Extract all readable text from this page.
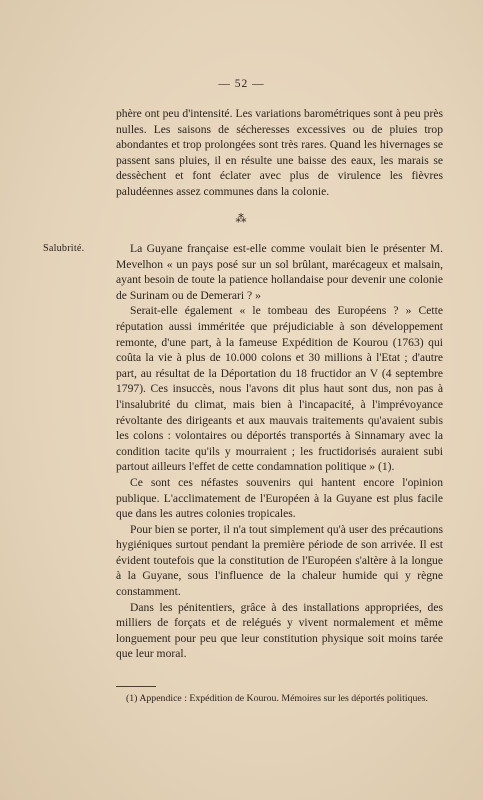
— 52 —

phère ont peu d'intensité. Les variations barométriques sont à peu près nulles. Les saisons de sécheresses excessives ou de pluies trop abondantes et trop prolongées sont très rares. Quand les hivernages se passent sans pluies, il en résulte une baisse des eaux, les marais se dessèchent et font éclater avec plus de virulence les fièvres paludéennes assez communes dans la colonie.

⁂
Salubrité.	La Guyane française est-elle comme voulait bien le présenter M. Mevelhon « un pays posé sur un sol brûlant, marécageux et malsain, ayant besoin de toute la patience hollandaise pour devenir une colonie de Surinam ou de Demerari ? »

Serait-elle également « le tombeau des Européens ? » Cette réputation aussi imméritée que préjudiciable à son développement remonte, d'une part, à la fameuse Expédition de Kourou (1763) qui coûta la vie à plus de 10.000 colons et 30 millions à l'Etat ; d'autre part, au résultat de la Déportation du 18 fructidor an V (4 septembre 1797). Ces insuccès, nous l'avons dit plus haut sont dus, non pas à l'insalubrité du climat, mais bien à l'incapacité, à l'imprévoyance révoltante des dirigeants et aux mauvais traitements qu'avaient subis les colons : volontaires ou déportés transportés à Sinnamary avec la condition tacite qu'ils y mourraient ; les fructidorisés auraient subi partout ailleurs l'effet de cette condamnation politique » (1).

Ce sont ces néfastes souvenirs qui hantent encore l'opinion publique. L'acclimatement de l'Européen à la Guyane est plus facile que dans les autres colonies tropicales.

Pour bien se porter, il n'a tout simplement qu'à user des précautions hygiéniques surtout pendant la première période de son arrivée. Il est évident toutefois que la constitution de l'Européen s'altère à la longue à la Guyane, sous l'influence de la chaleur humide qui y règne constamment.

Dans les pénitentiers, grâce à des installations appropriées, des milliers de forçats et de relégués y vivent normalement et même longuement pour peu que leur constitution physique soit moins tarée que leur moral.

(1) Appendice : Expédition de Kourou. Mémoires sur les déportés politiques.
